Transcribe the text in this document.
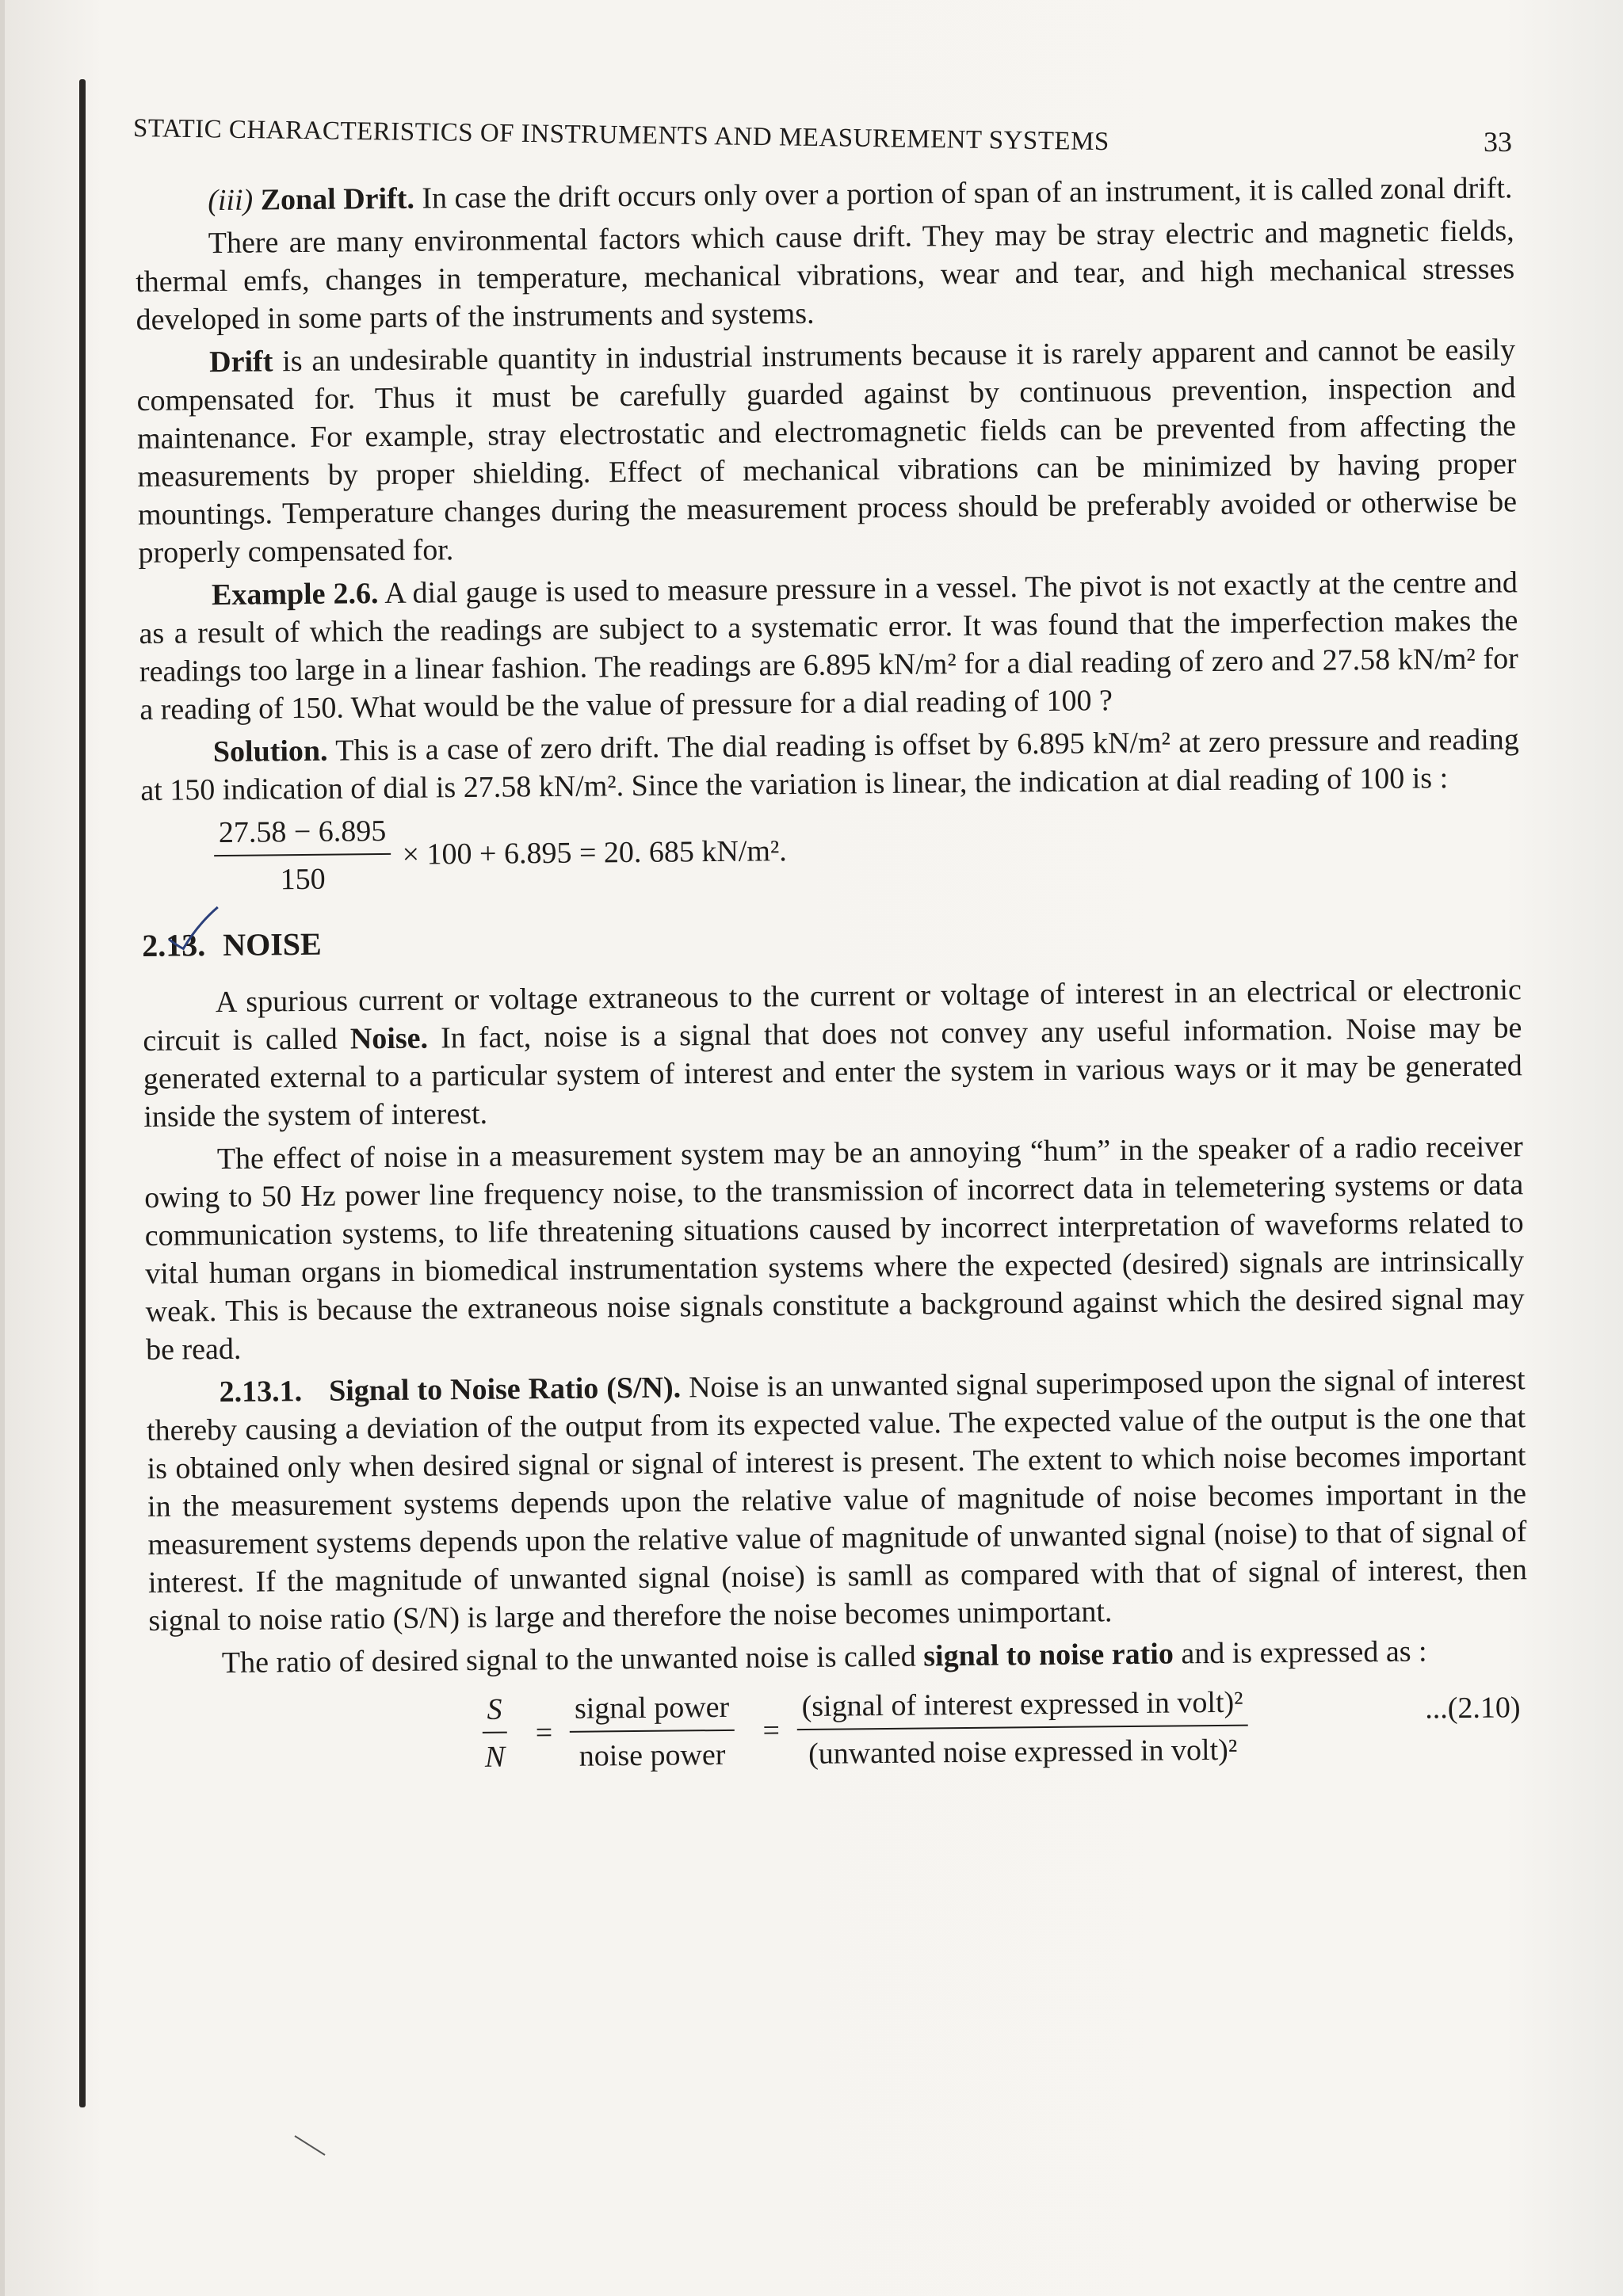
STATIC CHARACTERISTICS OF INSTRUMENTS AND MEASUREMENT SYSTEMS	33

(iii) Zonal Drift. In case the drift occurs only over a portion of span of an instrument, it is called zonal drift.

There are many environmental factors which cause drift. They may be stray electric and magnetic fields, thermal emfs, changes in temperature, mechanical vibrations, wear and tear, and high mechanical stresses developed in some parts of the instruments and systems.

Drift is an undesirable quantity in industrial instruments because it is rarely apparent and cannot be easily compensated for. Thus it must be carefully guarded against by continuous prevention, inspection and maintenance. For example, stray electrostatic and electromagnetic fields can be prevented from affecting the measurements by proper shielding. Effect of mechanical vibrations can be minimized by having proper mountings. Temperature changes during the measurement process should be preferably avoided or otherwise be properly compensated for.

Example 2.6. A dial gauge is used to measure pressure in a vessel. The pivot is not exactly at the centre and as a result of which the readings are subject to a systematic error. It was found that the imperfection makes the readings too large in a linear fashion. The readings are 6.895 kN/m² for a dial reading of zero and 27.58 kN/m² for a reading of 150. What would be the value of pressure for a dial reading of 100 ?

Solution. This is a case of zero drift. The dial reading is offset by 6.895 kN/m² at zero pressure and reading at 150 indication of dial is 27.58 kN/m². Since the variation is linear, the indication at dial reading of 100 is :

$\frac{27.58 - 6.895}{150} \times 100 + 6.895 = 20$. 685 kN/m².
2.13. NOISE

A spurious current or voltage extraneous to the current or voltage of interest in an electrical or electronic circuit is called Noise. In fact, noise is a signal that does not convey any useful information. Noise may be generated external to a particular system of interest and enter the system in various ways or it may be generated inside the system of interest.

The effect of noise in a measurement system may be an annoying “hum” in the speaker of a radio receiver owing to 50 Hz power line frequency noise, to the transmission of incorrect data in telemetering systems or data communication systems, to life threatening situations caused by incorrect interpretation of waveforms related to vital human organs in biomedical instrumentation systems where the expected (desired) signals are intrinsically weak. This is because the extraneous noise signals constitute a background against which the desired signal may be read.

2.13.1. Signal to Noise Ratio (S/N). Noise is an unwanted signal superimposed upon the signal of interest thereby causing a deviation of the output from its expected value. The expected value of the output is the one that is obtained only when desired signal or signal of interest is present. The extent to which noise becomes important in the measurement systems depends upon the relative value of magnitude of noise becomes important in the measurement systems depends upon the relative value of magnitude of unwanted signal (noise) to that of signal of interest. If the magnitude of unwanted signal (noise) is samll as compared with that of signal of interest, then signal to noise ratio (S/N) is large and therefore the noise becomes unimportant.

The ratio of desired signal to the unwanted noise is called signal to noise ratio and is expressed as :

$\frac{S}{N} = \frac{\text{signal power}}{\text{noise power}} = \frac{\text{(signal of interest expressed in volt)²}}{\text{(unwanted noise expressed in volt)²}}$	...(2.10)
